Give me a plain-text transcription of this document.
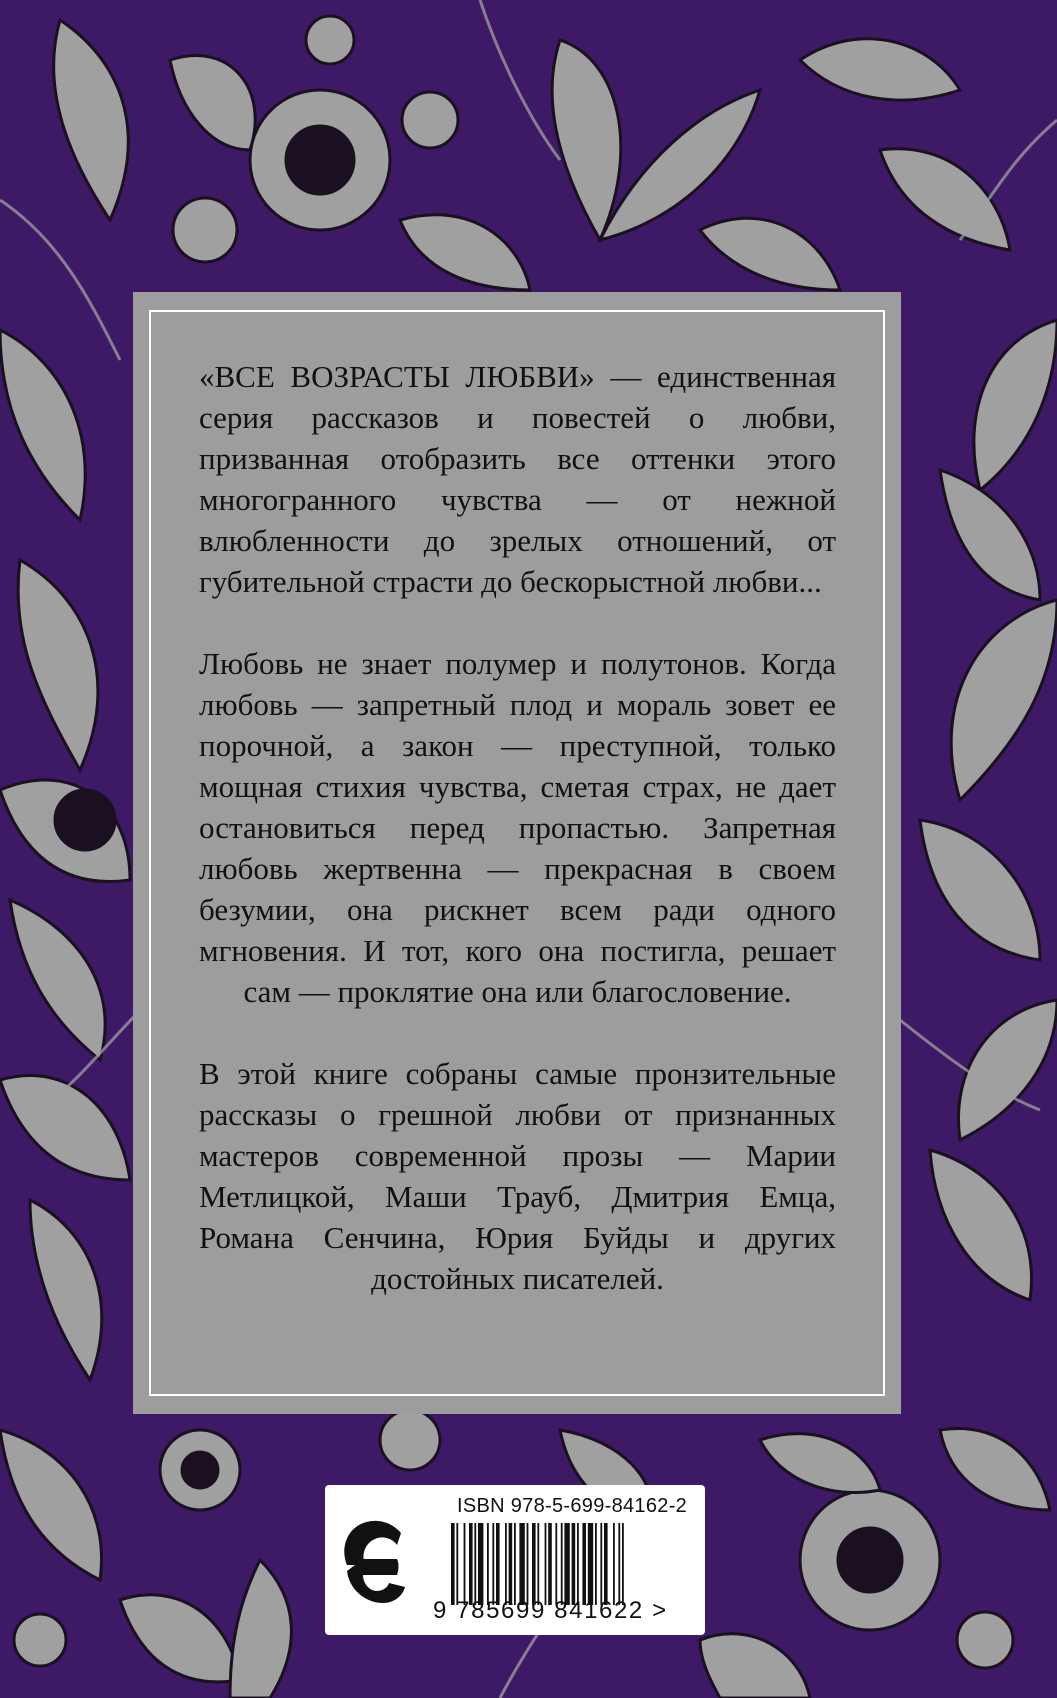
«ВСЕ ВОЗРАСТЫ ЛЮБВИ» — единственная серия рассказов и повестей о любви, призванная отобразить все оттенки этого многогранного чувства — от нежной влюбленности до зрелых отношений, от губительной страсти до бескорыстной любви...

Любовь не знает полумер и полутонов. Когда любовь — запретный плод и мораль зовет ее порочной, а закон — преступной, только мощная стихия чувства, сметая страх, не дает остановиться перед пропастью. Запретная любовь жертвенна — прекрасная в своем безумии, она рискнет всем ради одного мгновения. И тот, кого она постигла, решает сам — проклятие она или благословение.

В этой книге собраны самые пронзительные рассказы о грешной любви от признанных мастеров современной прозы — Марии Метлицкой, Маши Трауб, Дмитрия Емца, Романа Сенчина, Юрия Буйды и других достойных писателей.

ISBN 978-5-699-84162-2
9 785699 841622 >
